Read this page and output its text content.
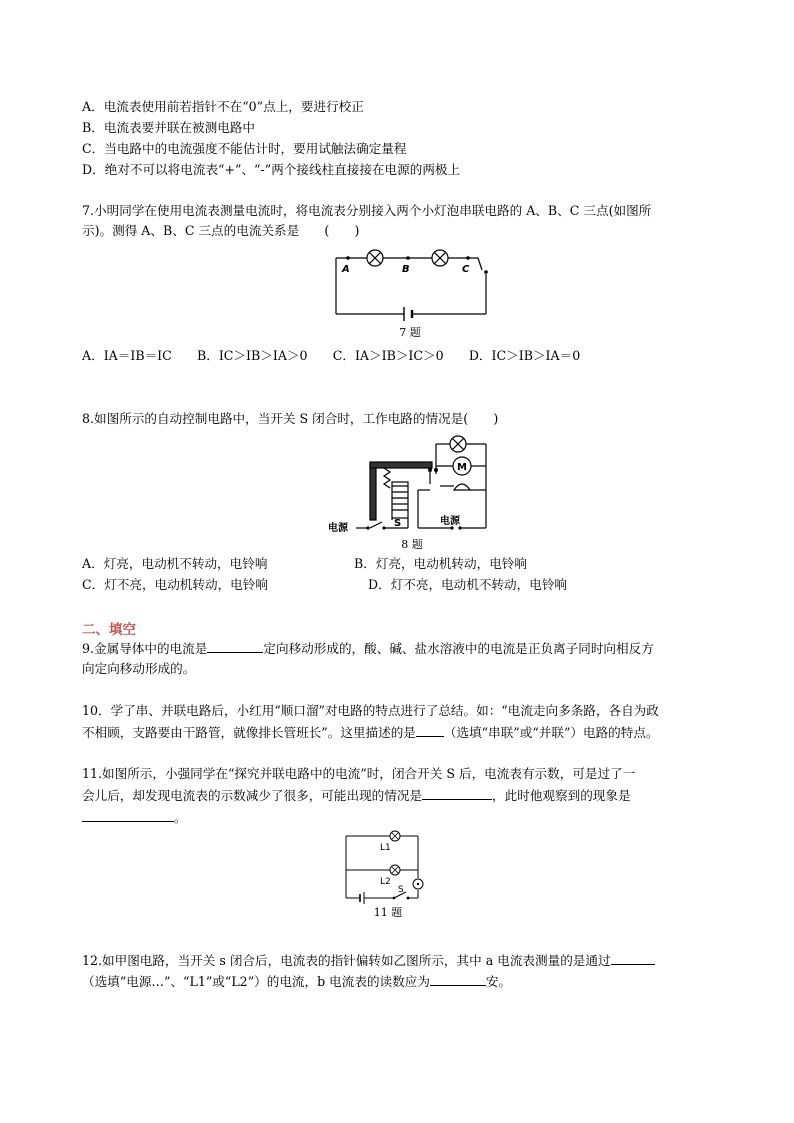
A．电流表使用前若指针不在“0”点上，要进行校正
B．电流表要并联在被测电路中
C．当电路中的电流强度不能估计时，要用试触法确定量程
D．绝对不可以将电流表“+”、“-”两个接线柱直接接在电源的两极上
7.小明同学在使用电流表测量电流时，将电流表分别接入两个小灯泡串联电路的 A、B、C 三点(如图所
示)。测得 A、B、C 三点的电流关系是　　(　　)
A	B	C
7 题
A．IA＝IB＝IC　　B．IC＞IB＞IA＞0　　C．IA＞IB＞IC＞0　　D．IC＞IB＞IA＝0
8.如图所示的自动控制电路中，当开关 S 闭合时，工作电路的情况是(　　)
M
电源	S	电源
8 题
A．灯亮，电动机不转动，电铃响	B．灯亮，电动机转动，电铃响
C．灯不亮，电动机转动，电铃响	D．灯不亮，电动机不转动，电铃响
二、填空
9.金属导体中的电流是	定向移动形成的，酸、碱、盐水溶液中的电流是正负离子同时向相反方
向定向移动形成的。
10．学了串、并联电路后，小红用“顺口溜”对电路的特点进行了总结。如：“电流走向多条路，各自为政
不相顾，支路要由干路管，就像排长管班长”。这里描述的是 （选填“串联”或“并联”）电路的特点。
11.如图所示，小强同学在“探究并联电路中的电流”时，闭合开关 S 后，电流表有示数，可是过了一
会儿后，却发现电流表的示数减少了很多，可能出现的情况是	，此时他观察到的现象是
。
L1
L2
S
11 题
12.如甲图电路，当开关 s 闭合后，电流表的指针偏转如乙图所示，其中 a 电流表测量的是通过
（选填“电源…”、“L1”或“L2”）的电流，b 电流表的读数应为	安。
